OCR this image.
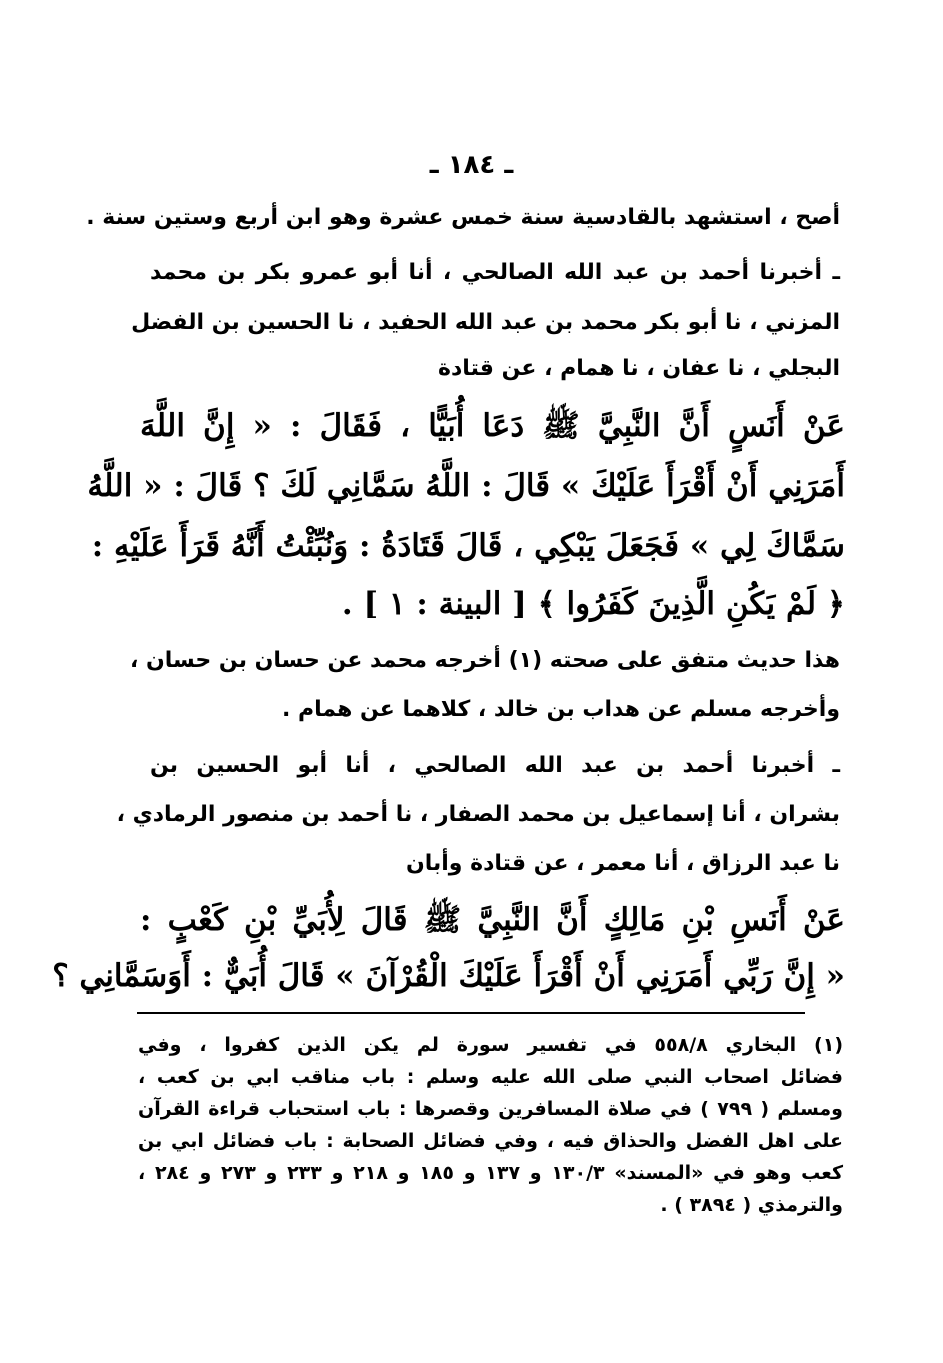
ـ ١٨٤ ـ
أصح ، استشهد بالقادسية سنة خمس عشرة وهو ابن أربع وستين سنة .
ـ أخبرنا أحمد بن عبد الله الصالحي ، أنا أبو عمرو بكر بن محمد
المزني ، نا أبو بكر محمد بن عبد الله الحفيد ، نا الحسين بن الفضل
البجلي ، نا عفان ، نا همام ، عن قتادة
عَنْ أَنَسٍ أَنَّ النَّبِيَّ ﷺ دَعَا أُبَيًّا ، فَقَالَ : « إِنَّ اللَّهَ
أَمَرَنِي أَنْ أَقْرَأَ عَلَيْكَ » قَالَ : اللَّهُ سَمَّانِي لَكَ ؟ قَالَ : « اللَّهُ
سَمَّاكَ لِي » فَجَعَلَ يَبْكِي ، قَالَ قَتَادَةُ : وَنُبِّئْتُ أَنَّهُ قَرَأَ عَلَيْهِ :
﴿ لَمْ يَكُنِ الَّذِينَ كَفَرُوا ﴾ [ البينة : ١ ] .
هذا حديث متفق على صحته (١) أخرجه محمد عن حسان بن حسان ،
وأخرجه مسلم عن هداب بن خالد ، كلاهما عن همام .
ـ أخبرنا أحمد بن عبد الله الصالحي ، أنا أبو الحسين بن
بشران ، أنا إسماعيل بن محمد الصفار ، نا أحمد بن منصور الرمادي ،
نا عبد الرزاق ، أنا معمر ، عن قتادة وأبان
عَنْ أَنَسِ بْنِ مَالِكٍ أَنَّ النَّبِيَّ ﷺ قَالَ لِأُبَيِّ بْنِ كَعْبٍ :
« إِنَّ رَبِّي أَمَرَنِي أَنْ أَقْرَأَ عَلَيْكَ الْقُرْآنَ » قَالَ أُبَيٌّ : أَوَسَمَّانِي ؟
(١) البخاري ٥٥٨/٨ في تفسير سورة لم يكن الذين كفروا ، وفي
فضائل اصحاب النبي صلى الله عليه وسلم : باب مناقب ابي بن كعب ،
ومسلم ( ٧٩٩ ) في صلاة المسافرين وقصرها : باب استحباب قراءة القرآن
على اهل الفضل والحذاق فيه ، وفي فضائل الصحابة : باب فضائل ابي بن
كعب وهو في «المسند» ١٣٠/٣ و ١٣٧ و ١٨٥ و ٢١٨ و ٢٣٣ و ٢٧٣ و ٢٨٤ ،
والترمذي ( ٣٨٩٤ ) .
